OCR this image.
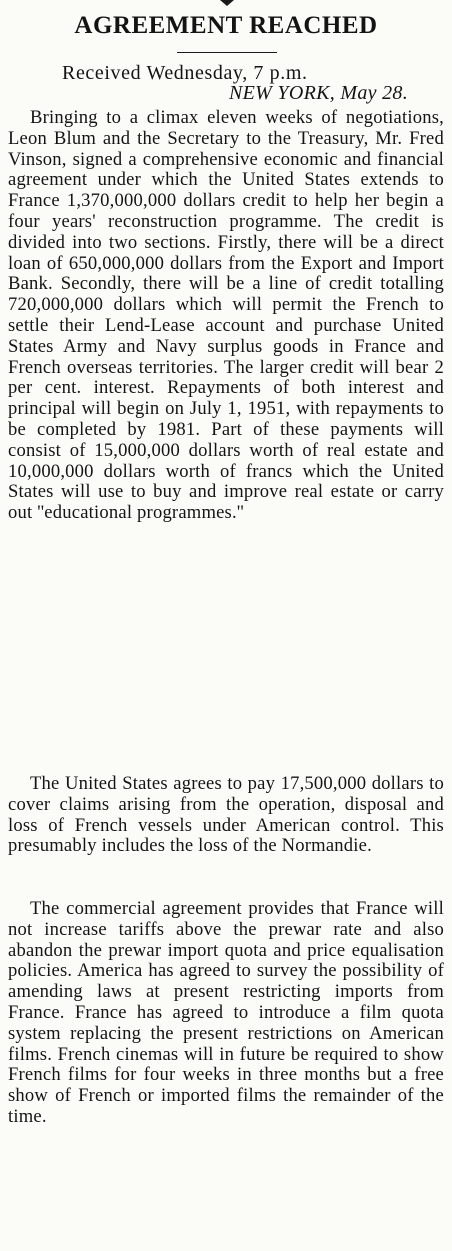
AGREEMENT REACHED

Received Wednesday, 7 p.m.

NEW YORK, May 28.

Bringing to a climax eleven weeks of negotiations, Leon Blum and the Secretary to the Treasury, Mr. Fred Vinson, signed a comprehensive economic and financial agreement under which the United States extends to France 1,370,000,000 dollars credit to help her begin a four years' reconstruction programme. The credit is divided into two sections. Firstly, there will be a direct loan of 650,000,000 dollars from the Export and Import Bank. Secondly, there will be a line of credit totalling 720,000,000 dollars which will permit the French to settle their Lend-Lease account and purchase United States Army and Navy surplus goods in France and French overseas territories. The larger credit will bear 2 per cent. interest. Repayments of both interest and principal will begin on July 1, 1951, with repayments to be completed by 1981. Part of these payments will consist of 15,000,000 dollars worth of real estate and 10,000,000 dollars worth of francs which the United States will use to buy and improve real estate or carry out ''educational programmes.''

The United States agrees to pay 17,500,000 dollars to cover claims arising from the operation, disposal and loss of French vessels under American control. This presumably includes the loss of the Normandie.

The commercial agreement provides that France will not increase tariffs above the prewar rate and also abandon the prewar import quota and price equalisation policies. America has agreed to survey the possibility of amending laws at present restricting imports from France. France has agreed to introduce a film quota system replacing the present restrictions on American films. French cinemas will in future be required to show French films for four weeks in three months but a free show of French or imported films the remainder of the time.
